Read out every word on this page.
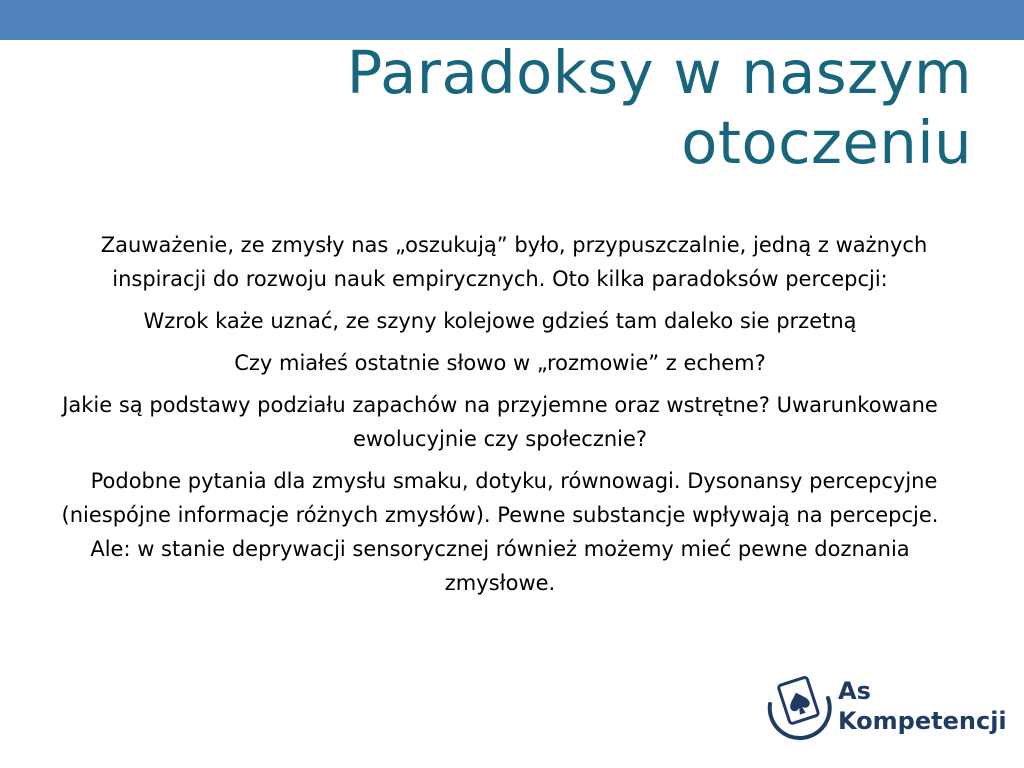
Paradoksy w naszym
otoczeniu

Zauważenie, ze zmysły nas „oszukują” było, przypuszczalnie, jedną z ważnych inspiracji do rozwoju nauk empirycznych. Oto kilka paradoksów percepcji:

Wzrok każe uznać, ze szyny kolejowe gdzieś tam daleko sie przetną

Czy miałeś ostatnie słowo w „rozmowie” z echem?

Jakie są podstawy podziału zapachów na przyjemne oraz wstrętne? Uwarunkowane ewolucyjnie czy społecznie?

Podobne pytania dla zmysłu smaku, dotyku, równowagi. Dysonansy percepcyjne (niespójne informacje różnych zmysłów). Pewne substancje wpływają na percepcje. Ale: w stanie deprywacji sensorycznej również możemy mieć pewne doznania zmysłowe.

As
Kompetencji
